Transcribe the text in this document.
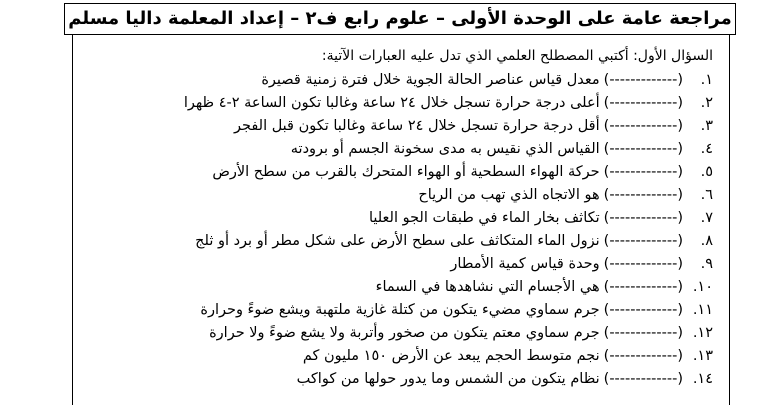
مراجعة عامة على الوحدة الأولى – علوم رابع ف٢ – إعداد المعلمة داليا مسلم
السؤال الأول: أكتبي المصطلح العلمي الذي تدل عليه العبارات الآتية:
١.
(-------------)
معدل قياس عناصر الحالة الجوية خلال فترة زمنية قصيرة
٢.
(-------------)
أعلى درجة حرارة تسجل خلال ٢٤ ساعة وغالبا تكون الساعة ٢-٤ ظهرا
٣.
(-------------)
أقل درجة حرارة تسجل خلال ٢٤ ساعة وغالبا تكون قبل الفجر
٤.
(-------------)
القياس الذي نقيس به مدى سخونة الجسم أو برودته
٥.
(-------------)
حركة الهواء السطحية أو الهواء المتحرك بالقرب من سطح الأرض
٦.
(-------------)
هو الاتجاه الذي تهب من الرياح
٧.
(-------------)
تكاثف بخار الماء في طبقات الجو العليا
٨.
(-------------)
نزول الماء المتكاثف على سطح الأرض على شكل مطر أو برد أو ثلج
٩.
(-------------)
وحدة قياس كمية الأمطار
١٠.
(-------------)
هي الأجسام التي نشاهدها في السماء
١١.
(-------------)
جرم سماوي مضيء يتكون من كتلة غازية ملتهبة ويشع ضوءً وحرارة
١٢.
(-------------)
جرم سماوي معتم يتكون من صخور وأتربة ولا يشع ضوءً ولا حرارة
١٣.
(-------------)
نجم متوسط الحجم يبعد عن الأرض ١٥٠ مليون كم
١٤.
(-------------)
نظام يتكون من الشمس وما يدور حولها من كواكب
